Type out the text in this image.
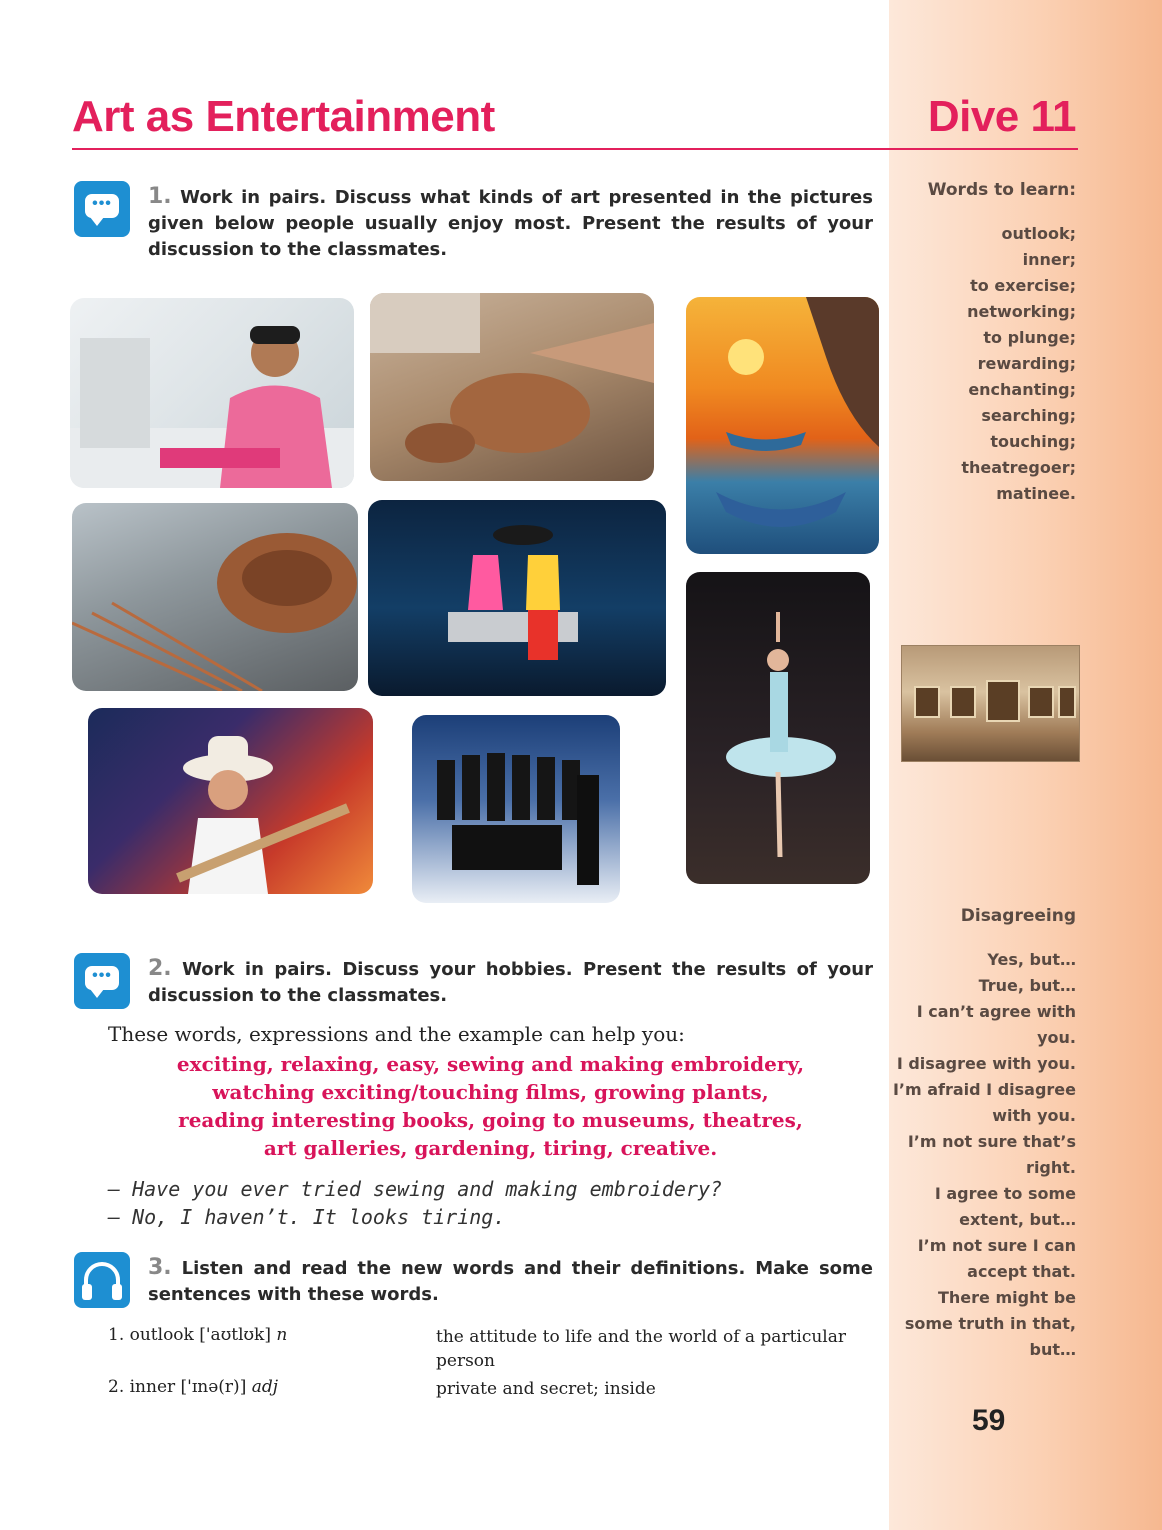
Art as Entertainment	Dive 11
Words to learn:
outlook;
inner;
to exercise;
networking;
to plunge;
rewarding;
enchanting;
searching;
touching;
theatregoer;
matinee.
Disagreeing
Yes, but…
True, but…
I can’t agree with
you.
I disagree with you.
I’m afraid I disagree
with you.
I’m not sure that’s
right.
I agree to some
extent, but…
I’m not sure I can
accept that.
There might be
some truth in that,
but…
•••	1. Work in pairs. Discuss what kinds of art presented in the pictures given below people usually enjoy most. Present the results of your discussion to the classmates.
•••	2. Work in pairs. Discuss your hobbies. Present the results of your discussion to the classmates.
These words, expressions and the example can help you:
exciting, relaxing, easy, sewing and making embroidery,
watching exciting/touching films, growing plants,
reading interesting books, going to museums, theatres,
art galleries, gardening, tiring, creative.
— Have you ever tried sewing and making embroidery?
— No, I haven’t. It looks tiring.
3. Listen and read the new words and their definitions. Make some sentences with these words.
1. outlook ['aʊtlʊk] n	the attitude to life and the world of a particular person
2. inner ['ɪnə(r)] adj	private and secret; inside
59
